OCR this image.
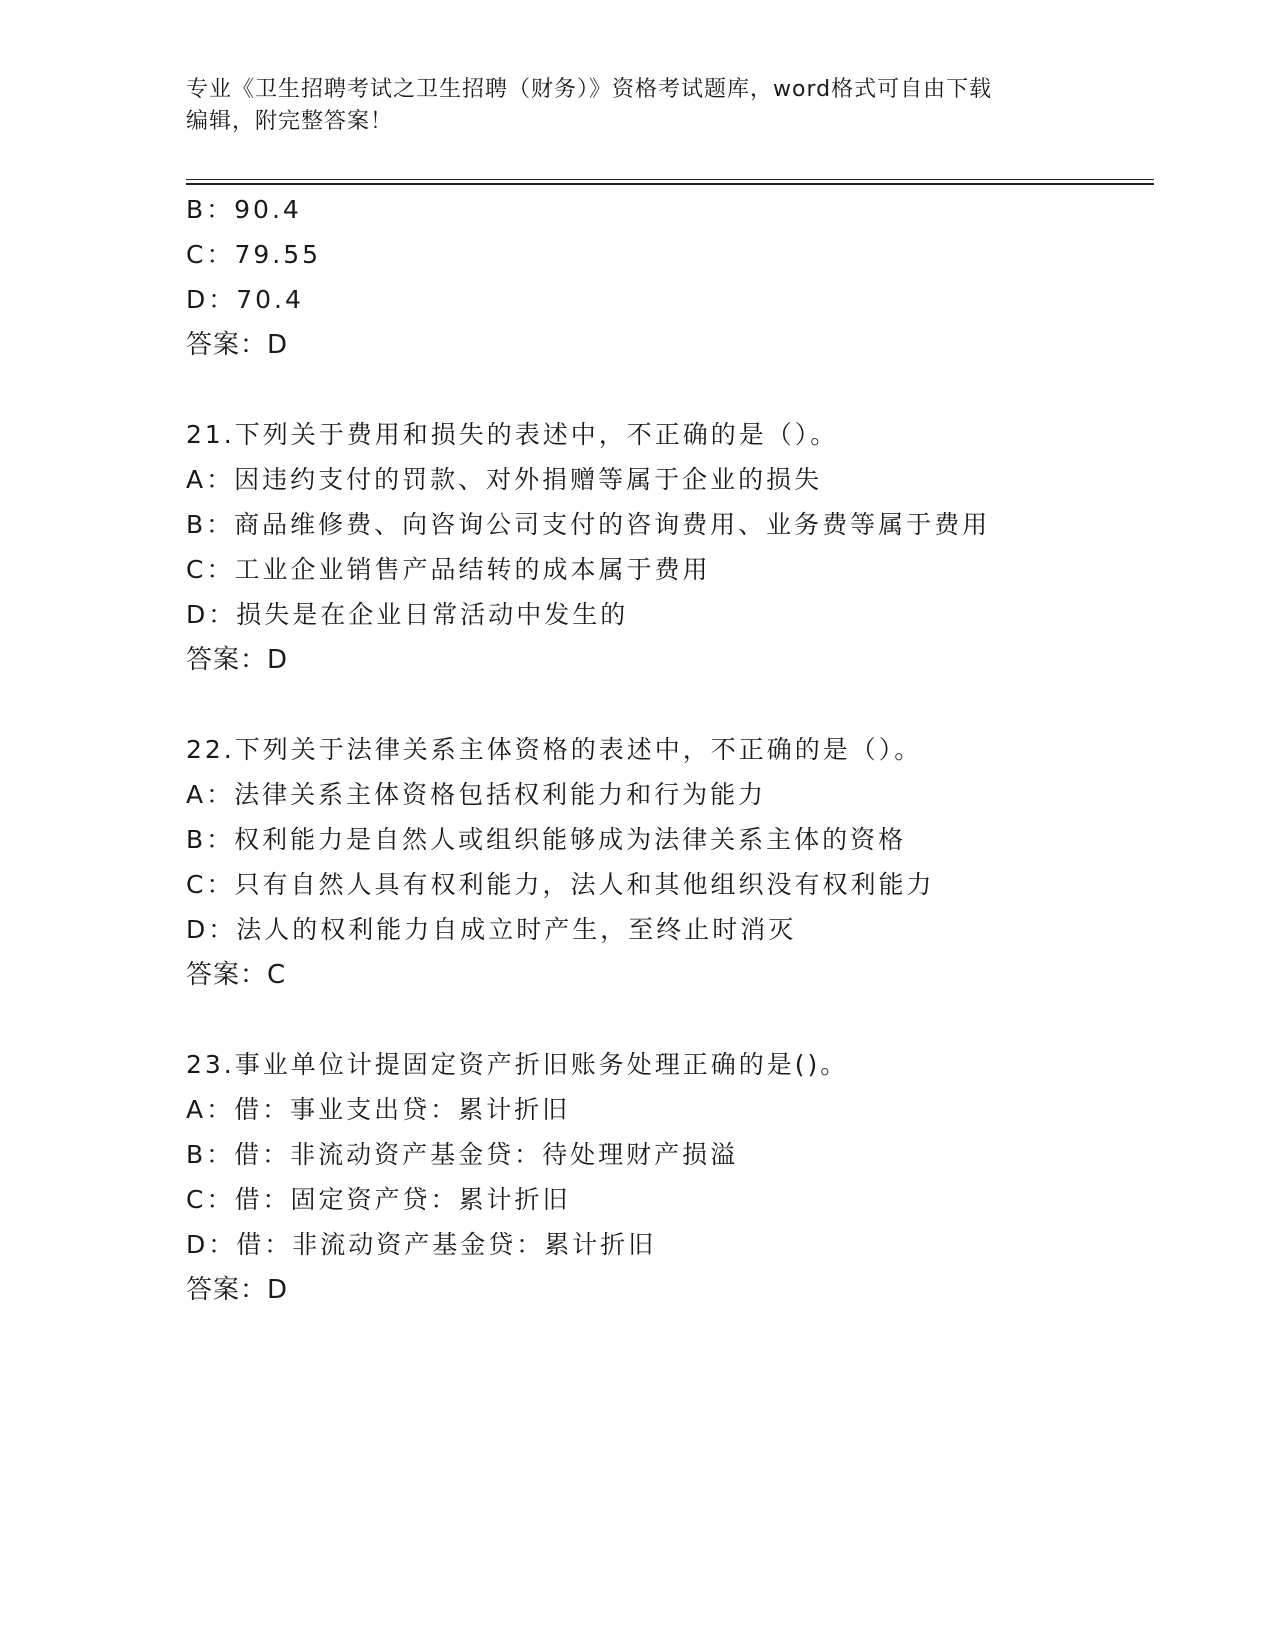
专业《卫生招聘考试之卫生招聘（财务）》资格考试题库，word格式可自由下载
编辑，附完整答案！
B：90.4
C：79.55
D：70.4
答案：D
21.下列关于费用和损失的表述中，不正确的是（）。
A：因违约支付的罚款、对外捐赠等属于企业的损失
B：商品维修费、向咨询公司支付的咨询费用、业务费等属于费用
C：工业企业销售产品结转的成本属于费用
D：损失是在企业日常活动中发生的
答案：D
22.下列关于法律关系主体资格的表述中，不正确的是（）。
A：法律关系主体资格包括权利能力和行为能力
B：权利能力是自然人或组织能够成为法律关系主体的资格
C：只有自然人具有权利能力，法人和其他组织没有权利能力
D：法人的权利能力自成立时产生，至终止时消灭
答案：C
23.事业单位计提固定资产折旧账务处理正确的是()。
A：借：事业支出贷：累计折旧
B：借：非流动资产基金贷：待处理财产损溢
C：借：固定资产贷：累计折旧
D：借：非流动资产基金贷：累计折旧
答案：D
